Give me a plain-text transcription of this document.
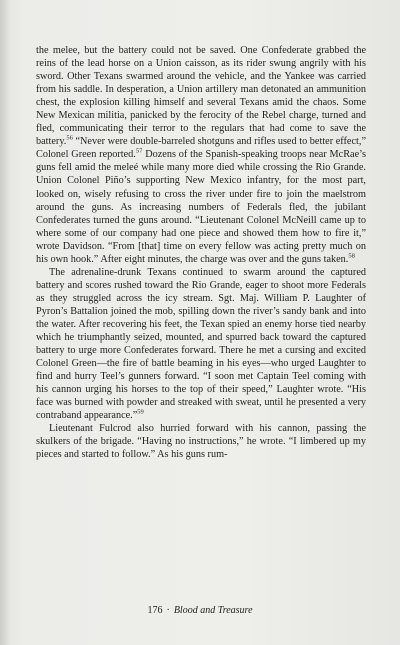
the melee, but the battery could not be saved. One Confederate grabbed the reins of the lead horse on a Union caisson, as its rider swung angrily with his sword. Other Texans swarmed around the vehicle, and the Yankee was carried from his saddle. In desperation, a Union artillery man detonated an ammunition chest, the explosion killing himself and several Texans amid the chaos. Some New Mexican militia, panicked by the ferocity of the Rebel charge, turned and fled, communicating their terror to the regulars that had come to save the battery.$^{56}$ “Never were double-barreled shotguns and rifles used to better effect,” Colonel Green reported.$^{57}$ Dozens of the Spanish-speaking troops near McRae’s guns fell amid the meleé while many more died while crossing the Rio Grande. Union Colonel Piño’s supporting New Mexico infantry, for the most part, looked on, wisely refusing to cross the river under fire to join the maelstrom around the guns. As increasing numbers of Federals fled, the jubilant Confederates turned the guns around. “Lieutenant Colonel McNeill came up to where some of our company had one piece and showed them how to fire it,” wrote Davidson. “From [that] time on every fellow was acting pretty much on his own hook.” After eight minutes, the charge was over and the guns taken.$^{58}$

The adrenaline-drunk Texans continued to swarm around the captured battery and scores rushed toward the Rio Grande, eager to shoot more Federals as they struggled across the icy stream. Sgt. Maj. William P. Laughter of Pyron’s Battalion joined the mob, spilling down the river’s sandy bank and into the water. After recovering his feet, the Texan spied an enemy horse tied nearby which he triumphantly seized, mounted, and spurred back toward the captured battery to urge more Confederates forward. There he met a cursing and excited Colonel Green—the fire of battle beaming in his eyes—who urged Laughter to find and hurry Teel’s gunners forward. “I soon met Captain Teel coming with his cannon urging his horses to the top of their speed,” Laughter wrote. “His face was burned with powder and streaked with sweat, until he presented a very contraband appearance.”$^{59}$

Lieutenant Fulcrod also hurried forward with his cannon, passing the skulkers of the brigade. “Having no instructions,” he wrote. “I limbered up my pieces and started to follow.” As his guns rum-

176 · Blood and Treasure
